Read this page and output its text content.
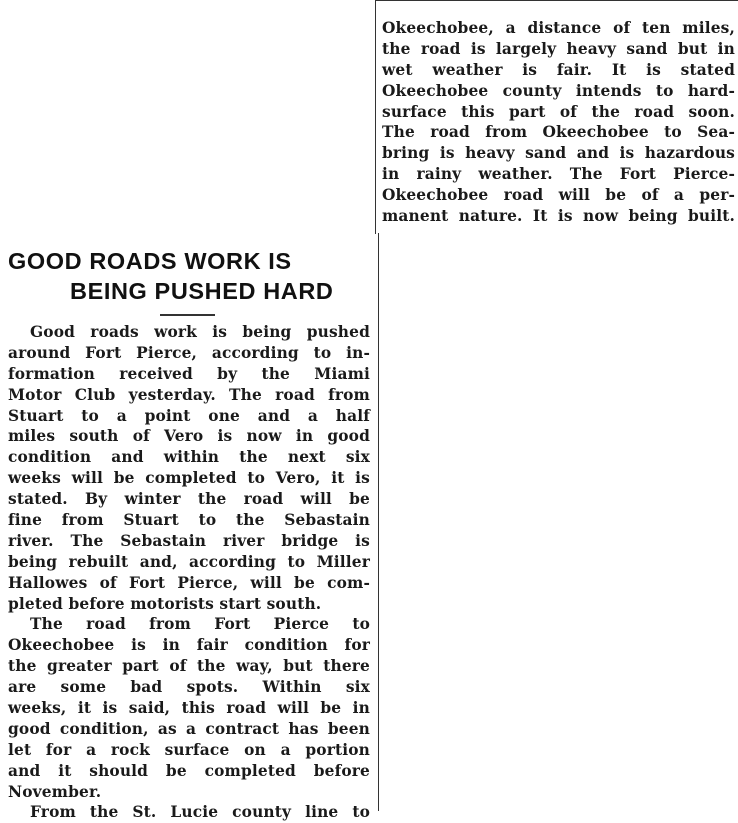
Okeechobee, a distance of ten miles,
the road is largely heavy sand but in
wet weather is fair. It is stated
Okeechobee county intends to hard-
surface this part of the road soon.
The road from Okeechobee to Sea-
bring is heavy sand and is hazardous
in rainy weather. The Fort Pierce-
Okeechobee road will be of a per-
manent nature. It is now being built.
GOOD ROADS WORK IS
BEING PUSHED HARD
Good roads work is being pushed
around Fort Pierce, according to in-
formation received by the Miami
Motor Club yesterday. The road from
Stuart to a point one and a half
miles south of Vero is now in good
condition and within the next six
weeks will be completed to Vero, it is
stated. By winter the road will be
fine from Stuart to the Sebastain
river. The Sebastain river bridge is
being rebuilt and, according to Miller
Hallowes of Fort Pierce, will be com-
pleted before motorists start south.
The road from Fort Pierce to
Okeechobee is in fair condition for
the greater part of the way, but there
are some bad spots. Within six
weeks, it is said, this road will be in
good condition, as a contract has been
let for a rock surface on a portion
and it should be completed before
November.
From the St. Lucie county line to
